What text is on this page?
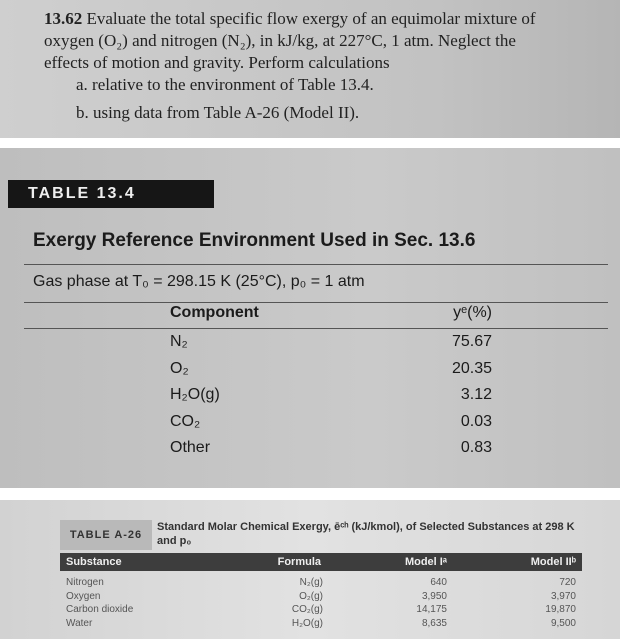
13.62 Evaluate the total specific flow exergy of an equimolar mixture of oxygen (O₂) and nitrogen (N₂), in kJ/kg, at 227°C, 1 atm. Neglect the effects of motion and gravity. Perform calculations
a. relative to the environment of Table 13.4.
b. using data from Table A-26 (Model II).
TABLE 13.4
Exergy Reference Environment Used in Sec. 13.6
Gas phase at T₀ = 298.15 K (25°C), p₀ = 1 atm
Component	yᵉ(%)
N₂	75.67
O₂	20.35
H₂O(g)	3.12
CO₂	0.03
Other	0.83
TABLE A-26
Standard Molar Chemical Exergy, ēᶜʰ (kJ/kmol), of Selected Substances at 298 K and p₀
Substance	Formula	Model Iᵃ	Model IIᵇ
Nitrogen	N₂(g)	640	720
Oxygen	O₂(g)	3,950	3,970
Carbon dioxide	CO₂(g)	14,175	19,870
Water	H₂O(g)	8,635	9,500
